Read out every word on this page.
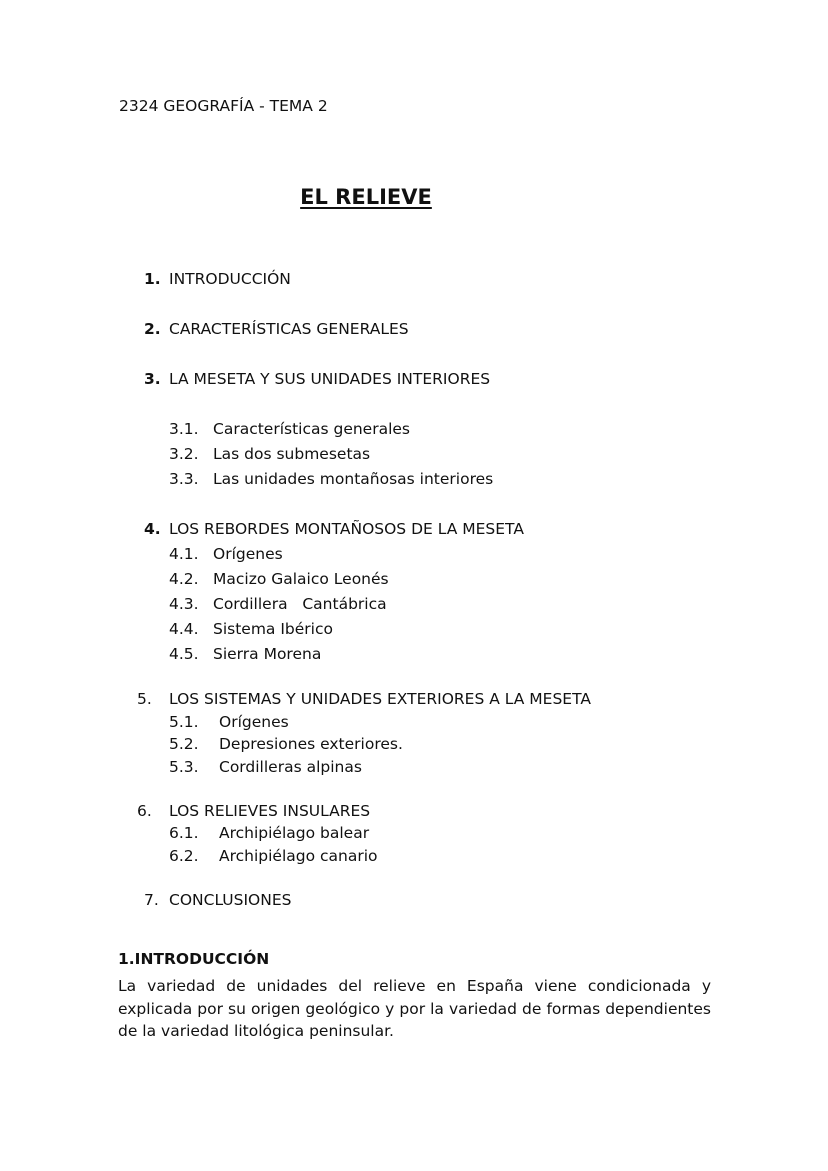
2324 GEOGRAFÍA - TEMA 2
EL RELIEVE
1. INTRODUCCIÓN
2. CARACTERÍSTICAS GENERALES
3. LA MESETA Y SUS UNIDADES INTERIORES
3.1. Características generales
3.2. Las dos submesetas
3.3. Las unidades montañosas interiores
4. LOS REBORDES MONTAÑOSOS DE LA MESETA
4.1. Orígenes
4.2. Macizo Galaico Leonés
4.3. Cordillera   Cantábrica
4.4. Sistema Ibérico
4.5. Sierra Morena
5. LOS SISTEMAS Y UNIDADES EXTERIORES A LA MESETA
5.1. Orígenes
5.2. Depresiones exteriores.
5.3. Cordilleras alpinas
6. LOS RELIEVES INSULARES
6.1. Archipiélago balear
6.2. Archipiélago canario
7. CONCLUSIONES
1.INTRODUCCIÓN
La variedad de unidades del relieve en España viene condicionada y explicada por su origen geológico y por la variedad de formas dependientes de la variedad litológica peninsular.
